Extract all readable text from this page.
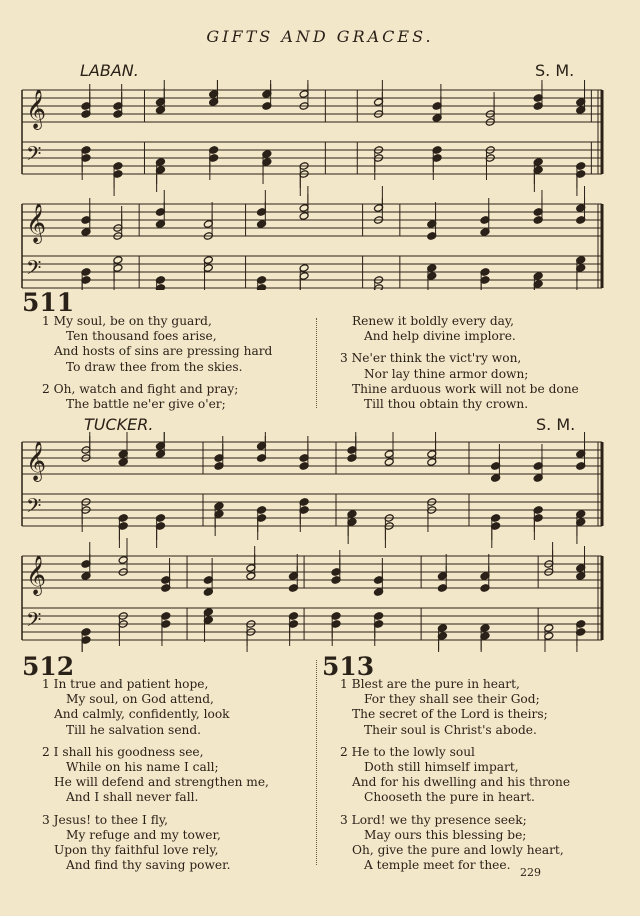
GIFTS AND GRACES.
LABAN.	S. M.
𝄞
𝄢
𝄞
𝄢
511
1 My soul, be on thy guard,
Ten thousand foes arise,
And hosts of sins are pressing hard
To draw thee from the skies.
2 Oh, watch and fight and pray;
The battle ne'er give o'er;
Renew it boldly every day,
And help divine implore.
3 Ne'er think the vict'ry won,
Nor lay thine armor down;
Thine arduous work will not be done
Till thou obtain thy crown.
TUCKER.	S. M.
𝄞
𝄢
𝄞
𝄢
512
1 In true and patient hope,
My soul, on God attend,
And calmly, confidently, look
Till he salvation send.
2 I shall his goodness see,
While on his name I call;
He will defend and strengthen me,
And I shall never fall.
3 Jesus! to thee I fly,
My refuge and my tower,
Upon thy faithful love rely,
And find thy saving power.
513
1 Blest are the pure in heart,
For they shall see their God;
The secret of the Lord is theirs;
Their soul is Christ's abode.
2 He to the lowly soul
Doth still himself impart,
And for his dwelling and his throne
Chooseth the pure in heart.
3 Lord! we thy presence seek;
May ours this blessing be;
Oh, give the pure and lowly heart,
A temple meet for thee.
229
